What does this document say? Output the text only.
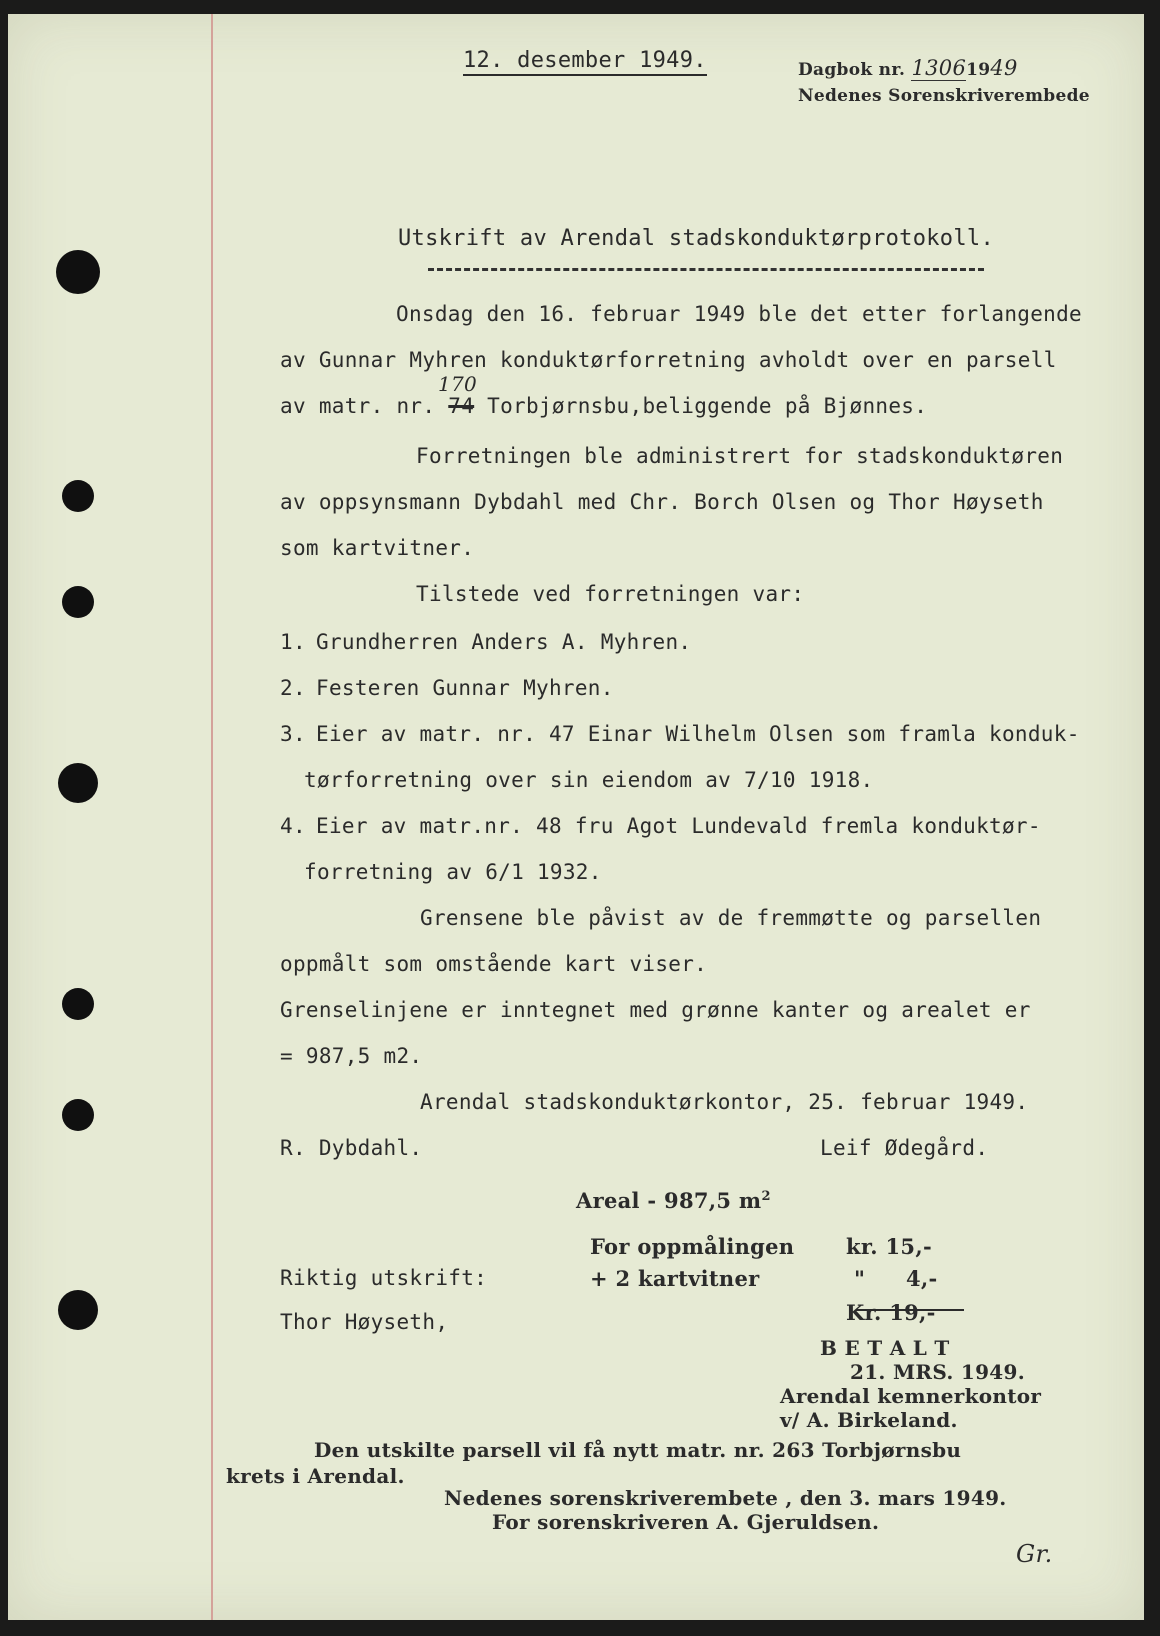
12. desember 1949.	Dagbok nr. 13061949
Nedenes Sorenskriverembede
Utskrift av Arendal stadskonduktørprotokoll.
Onsdag den 16. februar 1949 ble det etter forlangende
av Gunnar Myhren konduktørforretning avholdt over en parsell
av matr. nr. 74 Torbjørnsbu,beliggende på Bjønnes.
170
Forretningen ble administrert for stadskonduktøren
av oppsynsmann Dybdahl med Chr. Borch Olsen og Thor Høyseth
som kartvitner.
Tilstede ved forretningen var:
1. Grundherren Anders A. Myhren.
2. Festeren Gunnar Myhren.
3. Eier av matr. nr. 47 Einar Wilhelm Olsen som framla konduk-
tørforretning over sin eiendom av 7/10 1918.
4. Eier av matr.nr. 48 fru Agot Lundevald fremla konduktør-
forretning av 6/1 1932.
Grensene ble påvist av de fremmøtte og parsellen
oppmålt som omstående kart viser.
Grenselinjene er inntegnet med grønne kanter og arealet er
= 987,5 m2.
Arendal stadskonduktørkontor, 25. februar 1949.
R. Dybdahl.	Leif Ødegård.
Areal - 987,5 $m^2$
For oppmålingen kr. 15,-
Riktig utskrift:	+ 2 kartvitner	" 4,-
Kr. 19,-
Thor Høyseth,
B E T A L T
21. MRS. 1949.
Arendal kemnerkontor
v/ A. Birkeland.
Den utskilte parsell vil få nytt matr. nr. 263 Torbjørnsbu
krets i Arendal.
Nedenes sorenskriverembete , den 3. mars 1949.
For sorenskriveren A. Gjeruldsen.
Gr.
